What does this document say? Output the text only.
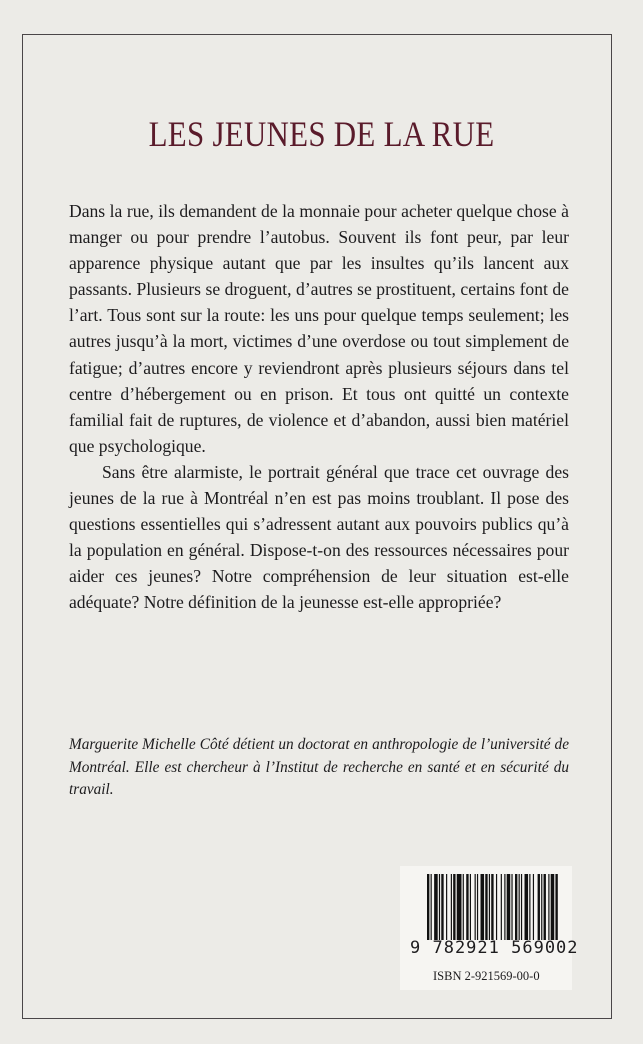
LES JEUNES DE LA RUE

Dans la rue, ils demandent de la monnaie pour acheter quelque chose à manger ou pour prendre l’autobus. Souvent ils font peur, par leur apparence physique autant que par les insultes qu’ils lancent aux passants. Plusieurs se droguent, d’autres se prostituent, certains font de l’art. Tous sont sur la route: les uns pour quelque temps seulement; les autres jusqu’à la mort, victimes d’une overdose ou tout simplement de fatigue; d’autres encore y reviendront après plusieurs séjours dans tel centre d’hébergement ou en prison. Et tous ont quitté un contexte familial fait de ruptures, de violence et d’abandon, aussi bien matériel que psychologique.

Sans être alarmiste, le portrait général que trace cet ouvrage des jeunes de la rue à Montréal n’en est pas moins troublant. Il pose des questions essentielles qui s’adressent autant aux pouvoirs publics qu’à la population en général. Dispose-t-on des ressources nécessaires pour aider ces jeunes? Notre compréhension de leur situation est-elle adéquate? Notre définition de la jeunesse est-elle appropriée?

Marguerite Michelle Côté détient un doctorat en anthropologie de l’université de Montréal. Elle est chercheur à l’Institut de recherche en santé et en sécurité du travail.

9 782921 569002
ISBN 2-921569-00-0
